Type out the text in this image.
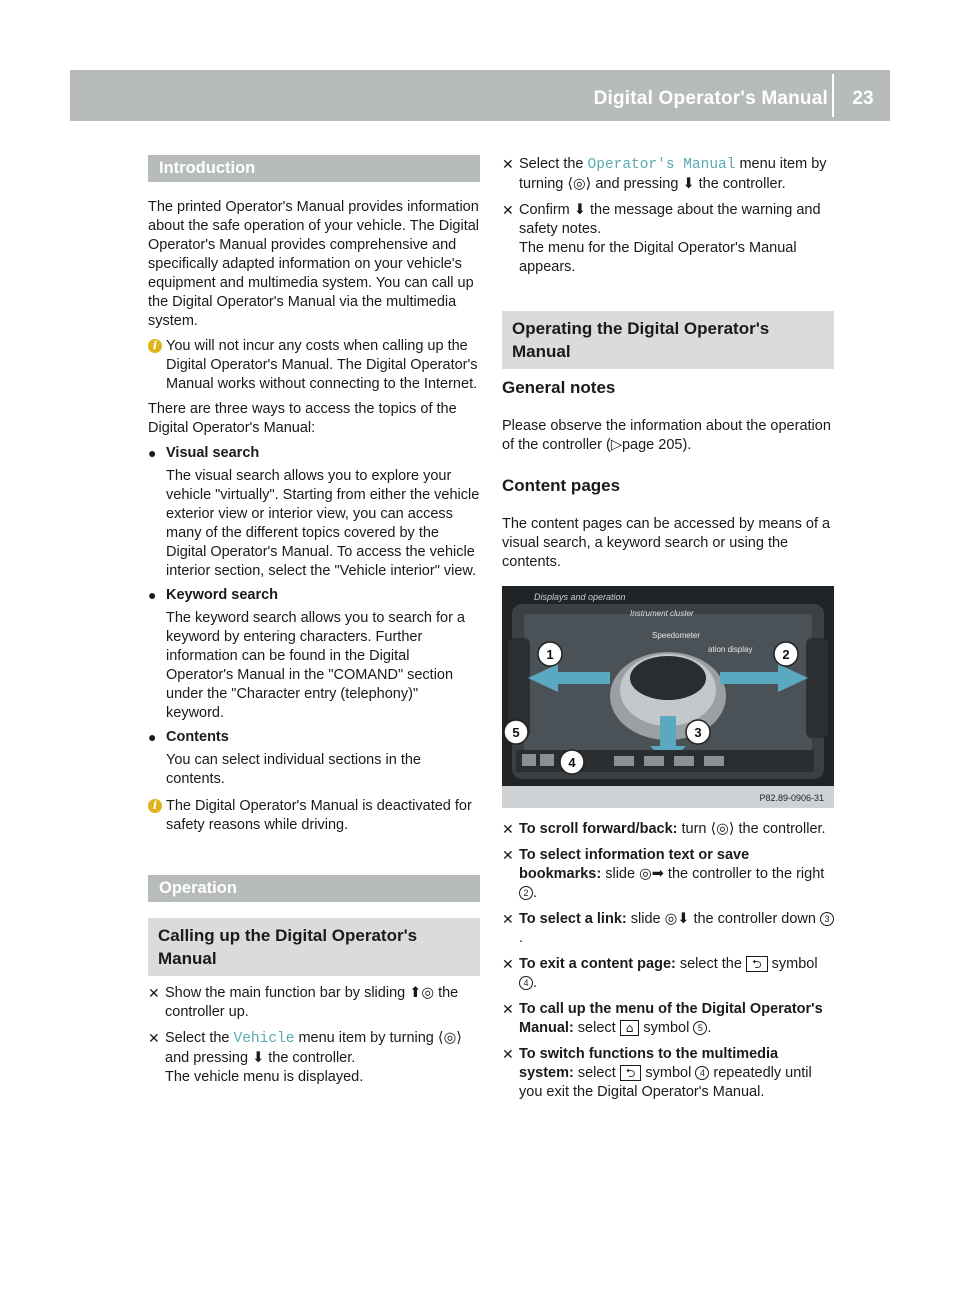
Digital Operator's Manual	23
Introduction

The printed Operator's Manual provides information about the safe operation of your vehicle. The Digital Operator's Manual provides comprehensive and specifically adapted information on your vehicle's equipment and multimedia system. You can call up the Digital Operator's Manual via the multimedia system.

i You will not incur any costs when calling up the Digital Operator's Manual. The Digital Operator's Manual works without connecting to the Internet.

There are three ways to access the topics of the Digital Operator's Manual:

● Visual search
The visual search allows you to explore your vehicle "virtually". Starting from either the vehicle exterior view or interior view, you can access many of the different topics covered by the Digital Operator's Manual. To access the vehicle interior section, select the "Vehicle interior" view.
● Keyword search
The keyword search allows you to search for a keyword by entering characters. Further information can be found in the Digital Operator's Manual in the "COMAND" section under the "Character entry (telephony)" keyword.
● Contents
You can select individual sections in the contents.
i The Digital Operator's Manual is deactivated for safety reasons while driving.
Operation
Calling up the Digital Operator's Manual
✕ Show the main function bar by sliding ⬆◎ the controller up.
✕ Select the Vehicle menu item by turning ⟨◎⟩ and pressing ⬇ the controller.
The vehicle menu is displayed.
✕ Select the Operator's Manual menu item by turning ⟨◎⟩ and pressing ⬇ the controller.
✕ Confirm ⬇ the message about the warning and safety notes.
The menu for the Digital Operator's Manual appears.
Operating the Digital Operator's Manual
General notes

Please observe the information about the operation of the controller (▷page 205).

Content pages

The content pages can be accessed by means of a visual search, a keyword search or using the contents.

Displays and operation
Instrument cluster
Speedometer
ation display
1	2
3
4
5
P82.89-0906-31
✕ To scroll forward/back: turn ⟨◎⟩ the controller.
✕ To select information text or save bookmarks: slide ◎➡ the controller to the right 2 .
✕ To select a link: slide ◎⬇ the controller down 3.
✕ To exit a content page: select the ⮌ symbol 4 .
✕ To call up the menu of the Digital Operator's Manual: select ⌂ symbol 5 .
✕ To switch functions to the multimedia system: select ⮌ symbol 4 repeatedly until you exit the Digital Operator's Manual.
